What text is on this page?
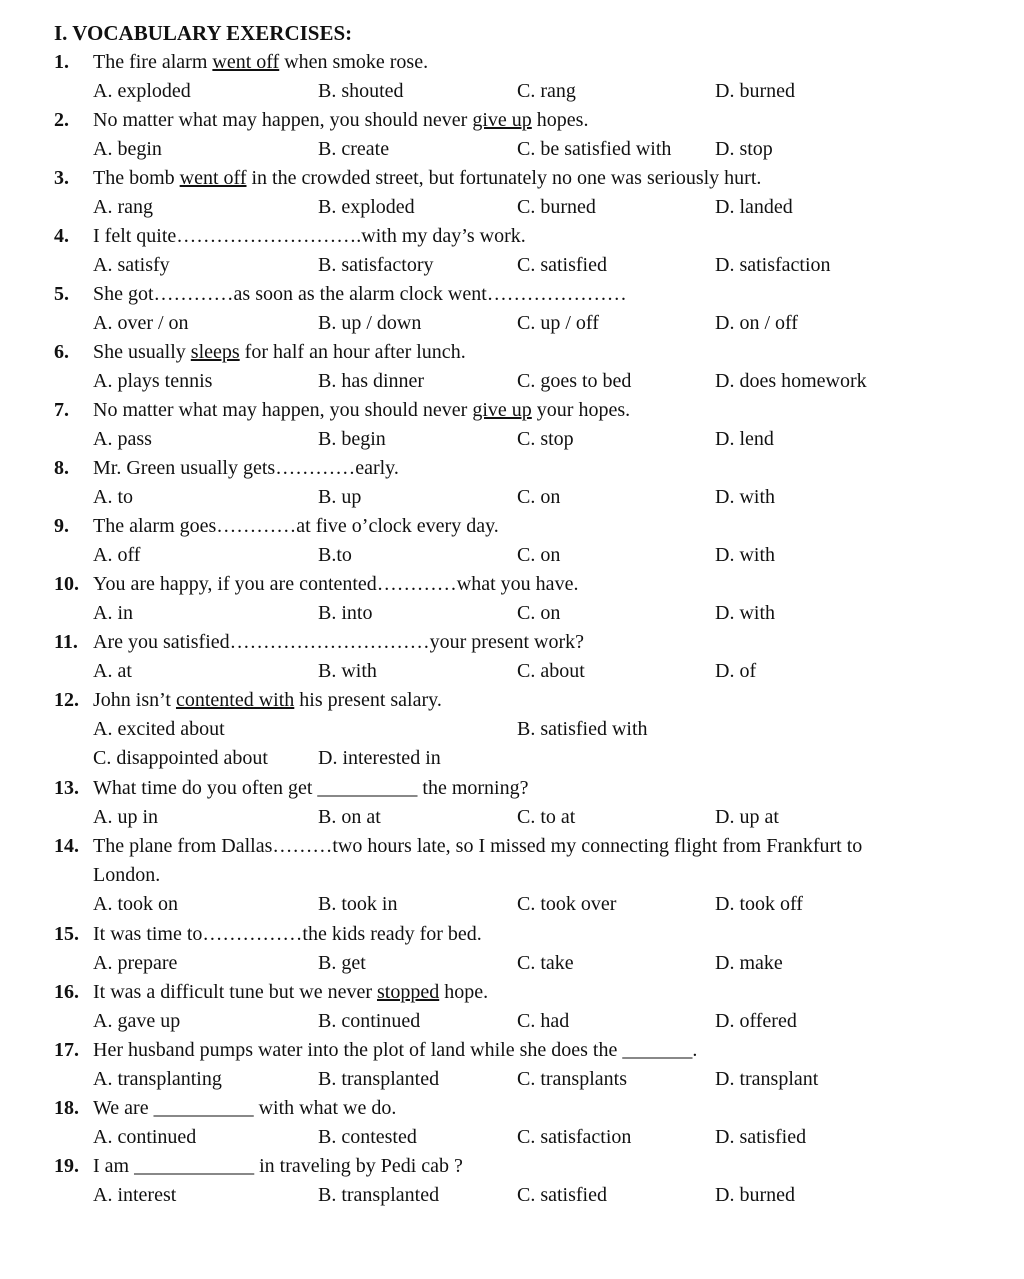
I. VOCABULARY EXERCISES:
1. The fire alarm went off when smoke rose.
A. exploded	B. shouted	C. rang	D. burned
2. No matter what may happen, you should never give up hopes.
A. begin	B. create	C. be satisfied with D. stop
3. The bomb went off in the crowded street, but fortunately no one was seriously hurt.
A. rang	B. exploded	C. burned	D. landed
4. I felt quite……………………….with my day’s work.
A. satisfy	B. satisfactory	C. satisfied	D. satisfaction
5. She got…………as soon as the alarm clock went…………………
A. over / on	B. up / down	C. up / off	D. on / off
6. She usually sleeps for half an hour after lunch.
A. plays tennis	B. has dinner	C. goes to bed	D. does homework
7. No matter what may happen, you should never give up your hopes.
A. pass	B. begin	C. stop	D. lend
8. Mr. Green usually gets…………early.
A. to	B. up	C. on	D. with
9. The alarm goes…………at five o’clock every day.
A. off	B.to	C. on	D. with
10. You are happy, if you are contented…………what you have.
A. in	B. into	C. on	D. with
11. Are you satisfied…………………………your present work?
A. at	B. with	C. about	D. of
12. John isn’t contented with his present salary.
A. excited about	B. satisfied with
C. disappointed about	D. interested in
13. What time do you often get __________ the morning?
A. up in	B. on at	C. to at	D. up at
14. The plane from Dallas………two hours late, so I missed my connecting flight from Frankfurt to
London.
A. took on	B. took in	C. took over	D. took off
15. It was time to……………the kids ready for bed.
A. prepare	B. get	C. take	D. make
16. It was a difficult tune but we never stopped hope.
A. gave up	B. continued	C. had	D. offered
17. Her husband pumps water into the plot of land while she does the _______.
A. transplanting	B. transplanted	C. transplants	D. transplant
18. We are __________ with what we do.
A. continued	B. contested	C. satisfaction	D. satisfied
19. I am ____________ in traveling by Pedi cab ?
A. interest	B. transplanted	C. satisfied	D. burned
